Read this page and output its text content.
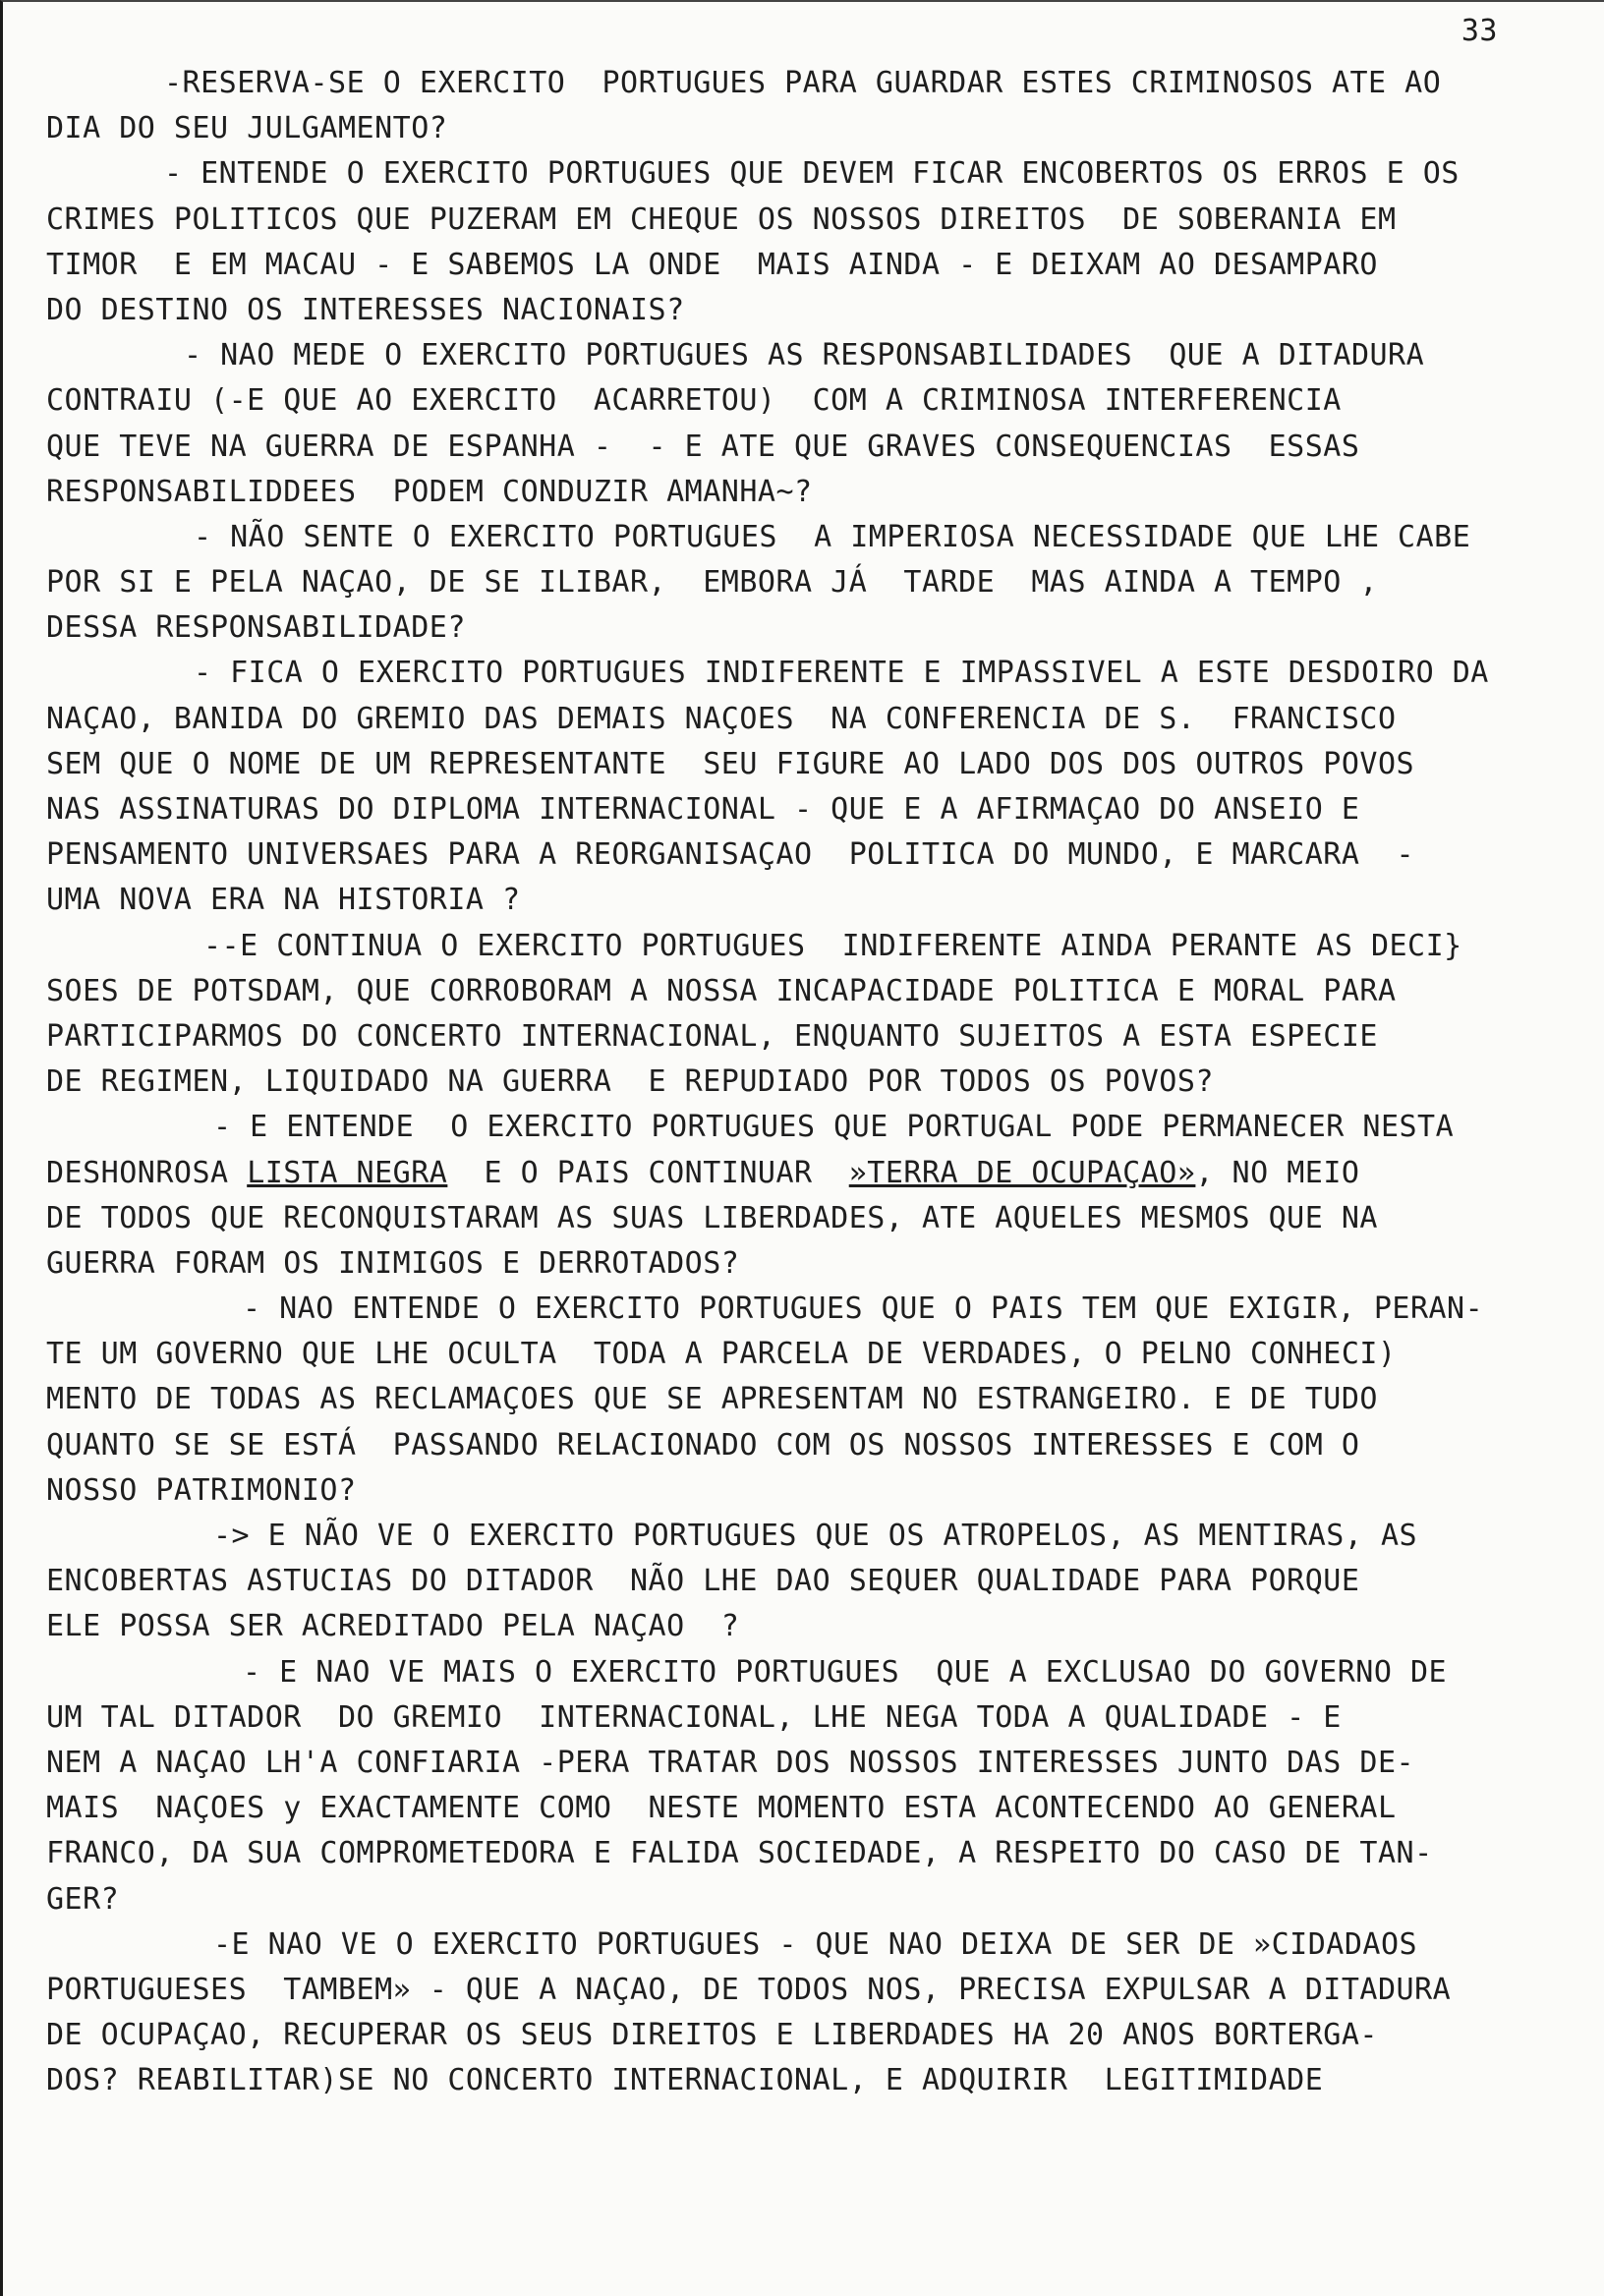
33
-RESERVA-SE O EXERCITO  PORTUGUES PARA GUARDAR ESTES CRIMINOSOS ATE AO
DIA DO SEU JULGAMENTO?
- ENTENDE O EXERCITO PORTUGUES QUE DEVEM FICAR ENCOBERTOS OS ERROS E OS
CRIMES POLITICOS QUE PUZERAM EM CHEQUE OS NOSSOS DIREITOS  DE SOBERANIA EM
TIMOR  E EM MACAU - E SABEMOS LA ONDE  MAIS AINDA - E DEIXAM AO DESAMPARO
DO DESTINO OS INTERESSES NACIONAIS?
- NAO MEDE O EXERCITO PORTUGUES AS RESPONSABILIDADES  QUE A DITADURA
CONTRAIU (-E QUE AO EXERCITO  ACARRETOU)  COM A CRIMINOSA INTERFERENCIA
QUE TEVE NA GUERRA DE ESPANHA -  - E ATE QUE GRAVES CONSEQUENCIAS  ESSAS
RESPONSABILIDDEES  PODEM CONDUZIR AMANHA~?
- NÃO SENTE O EXERCITO PORTUGUES  A IMPERIOSA NECESSIDADE QUE LHE CABE
POR SI E PELA NAÇAO, DE SE ILIBAR,  EMBORA JÁ  TARDE  MAS AINDA A TEMPO ,
DESSA RESPONSABILIDADE?
- FICA O EXERCITO PORTUGUES INDIFERENTE E IMPASSIVEL A ESTE DESDOIRO DA
NAÇAO, BANIDA DO GREMIO DAS DEMAIS NAÇOES  NA CONFERENCIA DE S.  FRANCISCO
SEM QUE O NOME DE UM REPRESENTANTE  SEU FIGURE AO LADO DOS DOS OUTROS POVOS
NAS ASSINATURAS DO DIPLOMA INTERNACIONAL - QUE E A AFIRMAÇAO DO ANSEIO E
PENSAMENTO UNIVERSAES PARA A REORGANISAÇAO  POLITICA DO MUNDO, E MARCARA  -
UMA NOVA ERA NA HISTORIA ?
--E CONTINUA O EXERCITO PORTUGUES  INDIFERENTE AINDA PERANTE AS DECI}
SOES DE POTSDAM, QUE CORROBORAM A NOSSA INCAPACIDADE POLITICA E MORAL PARA
PARTICIPARMOS DO CONCERTO INTERNACIONAL, ENQUANTO SUJEITOS A ESTA ESPECIE
DE REGIMEN, LIQUIDADO NA GUERRA  E REPUDIADO POR TODOS OS POVOS?
- E ENTENDE  O EXERCITO PORTUGUES QUE PORTUGAL PODE PERMANECER NESTA
DESHONROSA LISTA NEGRA  E O PAIS CONTINUAR  »TERRA DE OCUPAÇAO», NO MEIO
DE TODOS QUE RECONQUISTARAM AS SUAS LIBERDADES, ATE AQUELES MESMOS QUE NA
GUERRA FORAM OS INIMIGOS E DERROTADOS?
- NAO ENTENDE O EXERCITO PORTUGUES QUE O PAIS TEM QUE EXIGIR, PERAN-
TE UM GOVERNO QUE LHE OCULTA  TODA A PARCELA DE VERDADES, O PELNO CONHECI)
MENTO DE TODAS AS RECLAMAÇOES QUE SE APRESENTAM NO ESTRANGEIRO. E DE TUDO
QUANTO SE SE ESTÁ  PASSANDO RELACIONADO COM OS NOSSOS INTERESSES E COM O
NOSSO PATRIMONIO?
-> E NÃO VE O EXERCITO PORTUGUES QUE OS ATROPELOS, AS MENTIRAS, AS
ENCOBERTAS ASTUCIAS DO DITADOR  NÃO LHE DAO SEQUER QUALIDADE PARA PORQUE
ELE POSSA SER ACREDITADO PELA NAÇAO  ?
- E NAO VE MAIS O EXERCITO PORTUGUES  QUE A EXCLUSAO DO GOVERNO DE
UM TAL DITADOR  DO GREMIO  INTERNACIONAL, LHE NEGA TODA A QUALIDADE - E
NEM A NAÇAO LH'A CONFIARIA -PERA TRATAR DOS NOSSOS INTERESSES JUNTO DAS DE-
MAIS  NAÇOES y EXACTAMENTE COMO  NESTE MOMENTO ESTA ACONTECENDO AO GENERAL
FRANCO, DA SUA COMPROMETEDORA E FALIDA SOCIEDADE, A RESPEITO DO CASO DE TAN-
GER?
-E NAO VE O EXERCITO PORTUGUES - QUE NAO DEIXA DE SER DE »CIDADAOS
PORTUGUESES  TAMBEM» - QUE A NAÇAO, DE TODOS NOS, PRECISA EXPULSAR A DITADURA
DE OCUPAÇAO, RECUPERAR OS SEUS DIREITOS E LIBERDADES HA 20 ANOS BORTERGA-
DOS? REABILITAR)SE NO CONCERTO INTERNACIONAL, E ADQUIRIR  LEGITIMIDADE
